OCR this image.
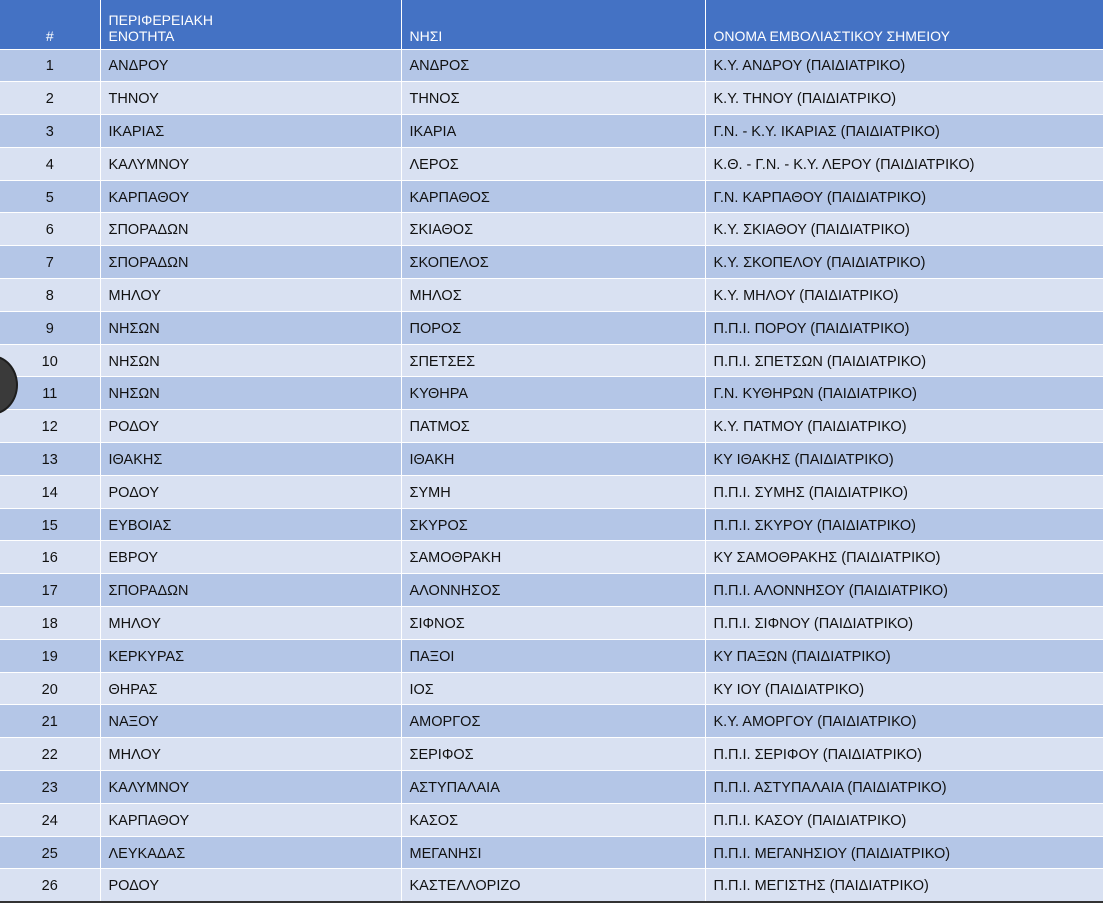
#	ΠΕΡΙΦΕΡΕΙΑΚΗ
ΕΝΟΤΗΤΑ	ΝΗΣΙ	ΟΝΟΜΑ ΕΜΒΟΛΙΑΣΤΙΚΟΥ ΣΗΜΕΙΟΥ
1	ΑΝΔΡΟΥ	ΑΝΔΡΟΣ	Κ.Υ. ΑΝΔΡΟΥ (ΠΑΙΔΙΑΤΡΙΚΟ)
2	ΤΗΝΟΥ	ΤΗΝΟΣ	Κ.Υ. ΤΗΝΟΥ (ΠΑΙΔΙΑΤΡΙΚΟ)
3	ΙΚΑΡΙΑΣ	ΙΚΑΡΙΑ	Γ.Ν. - Κ.Υ. ΙΚΑΡΙΑΣ (ΠΑΙΔΙΑΤΡΙΚΟ)
4	ΚΑΛΥΜΝΟΥ	ΛΕΡΟΣ	Κ.Θ. - Γ.Ν. - Κ.Υ. ΛΕΡΟΥ (ΠΑΙΔΙΑΤΡΙΚΟ)
5	ΚΑΡΠΑΘΟΥ	ΚΑΡΠΑΘΟΣ	Γ.Ν. ΚΑΡΠΑΘΟΥ (ΠΑΙΔΙΑΤΡΙΚΟ)
6	ΣΠΟΡΑΔΩΝ	ΣΚΙΑΘΟΣ	Κ.Υ. ΣΚΙΑΘΟΥ (ΠΑΙΔΙΑΤΡΙΚΟ)
7	ΣΠΟΡΑΔΩΝ	ΣΚΟΠΕΛΟΣ	Κ.Υ. ΣΚΟΠΕΛΟΥ (ΠΑΙΔΙΑΤΡΙΚΟ)
8	ΜΗΛΟΥ	ΜΗΛΟΣ	Κ.Υ. ΜΗΛΟΥ (ΠΑΙΔΙΑΤΡΙΚΟ)
9	ΝΗΣΩΝ	ΠΟΡΟΣ	Π.Π.Ι. ΠΟΡΟΥ (ΠΑΙΔΙΑΤΡΙΚΟ)
10	ΝΗΣΩΝ	ΣΠΕΤΣΕΣ	Π.Π.Ι. ΣΠΕΤΣΩΝ (ΠΑΙΔΙΑΤΡΙΚΟ)
11	ΝΗΣΩΝ	ΚΥΘΗΡΑ	Γ.Ν. ΚΥΘΗΡΩΝ (ΠΑΙΔΙΑΤΡΙΚΟ)
12	ΡΟΔΟΥ	ΠΑΤΜΟΣ	Κ.Υ. ΠΑΤΜΟΥ (ΠΑΙΔΙΑΤΡΙΚΟ)
13	ΙΘΑΚΗΣ	ΙΘΑΚΗ	ΚΥ ΙΘΑΚΗΣ (ΠΑΙΔΙΑΤΡΙΚΟ)
14	ΡΟΔΟΥ	ΣΥΜΗ	Π.Π.Ι. ΣΥΜΗΣ (ΠΑΙΔΙΑΤΡΙΚΟ)
15	ΕΥΒΟΙΑΣ	ΣΚΥΡΟΣ	Π.Π.Ι. ΣΚΥΡΟΥ (ΠΑΙΔΙΑΤΡΙΚΟ)
16	ΕΒΡΟΥ	ΣΑΜΟΘΡΑΚΗ	ΚΥ ΣΑΜΟΘΡΑΚΗΣ (ΠΑΙΔΙΑΤΡΙΚΟ)
17	ΣΠΟΡΑΔΩΝ	ΑΛΟΝΝΗΣΟΣ	Π.Π.Ι. ΑΛΟΝΝΗΣΟΥ (ΠΑΙΔΙΑΤΡΙΚΟ)
18	ΜΗΛΟΥ	ΣΙΦΝΟΣ	Π.Π.Ι. ΣΙΦΝΟΥ (ΠΑΙΔΙΑΤΡΙΚΟ)
19	ΚΕΡΚΥΡΑΣ	ΠΑΞΟΙ	ΚΥ ΠΑΞΩΝ (ΠΑΙΔΙΑΤΡΙΚΟ)
20	ΘΗΡΑΣ	ΙΟΣ	ΚΥ ΙΟΥ (ΠΑΙΔΙΑΤΡΙΚΟ)
21	ΝΑΞΟΥ	ΑΜΟΡΓΟΣ	Κ.Υ. ΑΜΟΡΓΟΥ (ΠΑΙΔΙΑΤΡΙΚΟ)
22	ΜΗΛΟΥ	ΣΕΡΙΦΟΣ	Π.Π.Ι. ΣΕΡΙΦΟΥ (ΠΑΙΔΙΑΤΡΙΚΟ)
23	ΚΑΛΥΜΝΟΥ	ΑΣΤΥΠΑΛΑΙΑ	Π.Π.Ι. ΑΣΤΥΠΑΛΑΙΑ (ΠΑΙΔΙΑΤΡΙΚΟ)
24	ΚΑΡΠΑΘΟΥ	ΚΑΣΟΣ	Π.Π.Ι. ΚΑΣΟΥ (ΠΑΙΔΙΑΤΡΙΚΟ)
25	ΛΕΥΚΑΔΑΣ	ΜΕΓΑΝΗΣΙ	Π.Π.Ι. ΜΕΓΑΝΗΣΙΟΥ (ΠΑΙΔΙΑΤΡΙΚΟ)
26	ΡΟΔΟΥ	ΚΑΣΤΕΛΛΟΡΙΖΟ	Π.Π.Ι. ΜΕΓΙΣΤΗΣ (ΠΑΙΔΙΑΤΡΙΚΟ)
